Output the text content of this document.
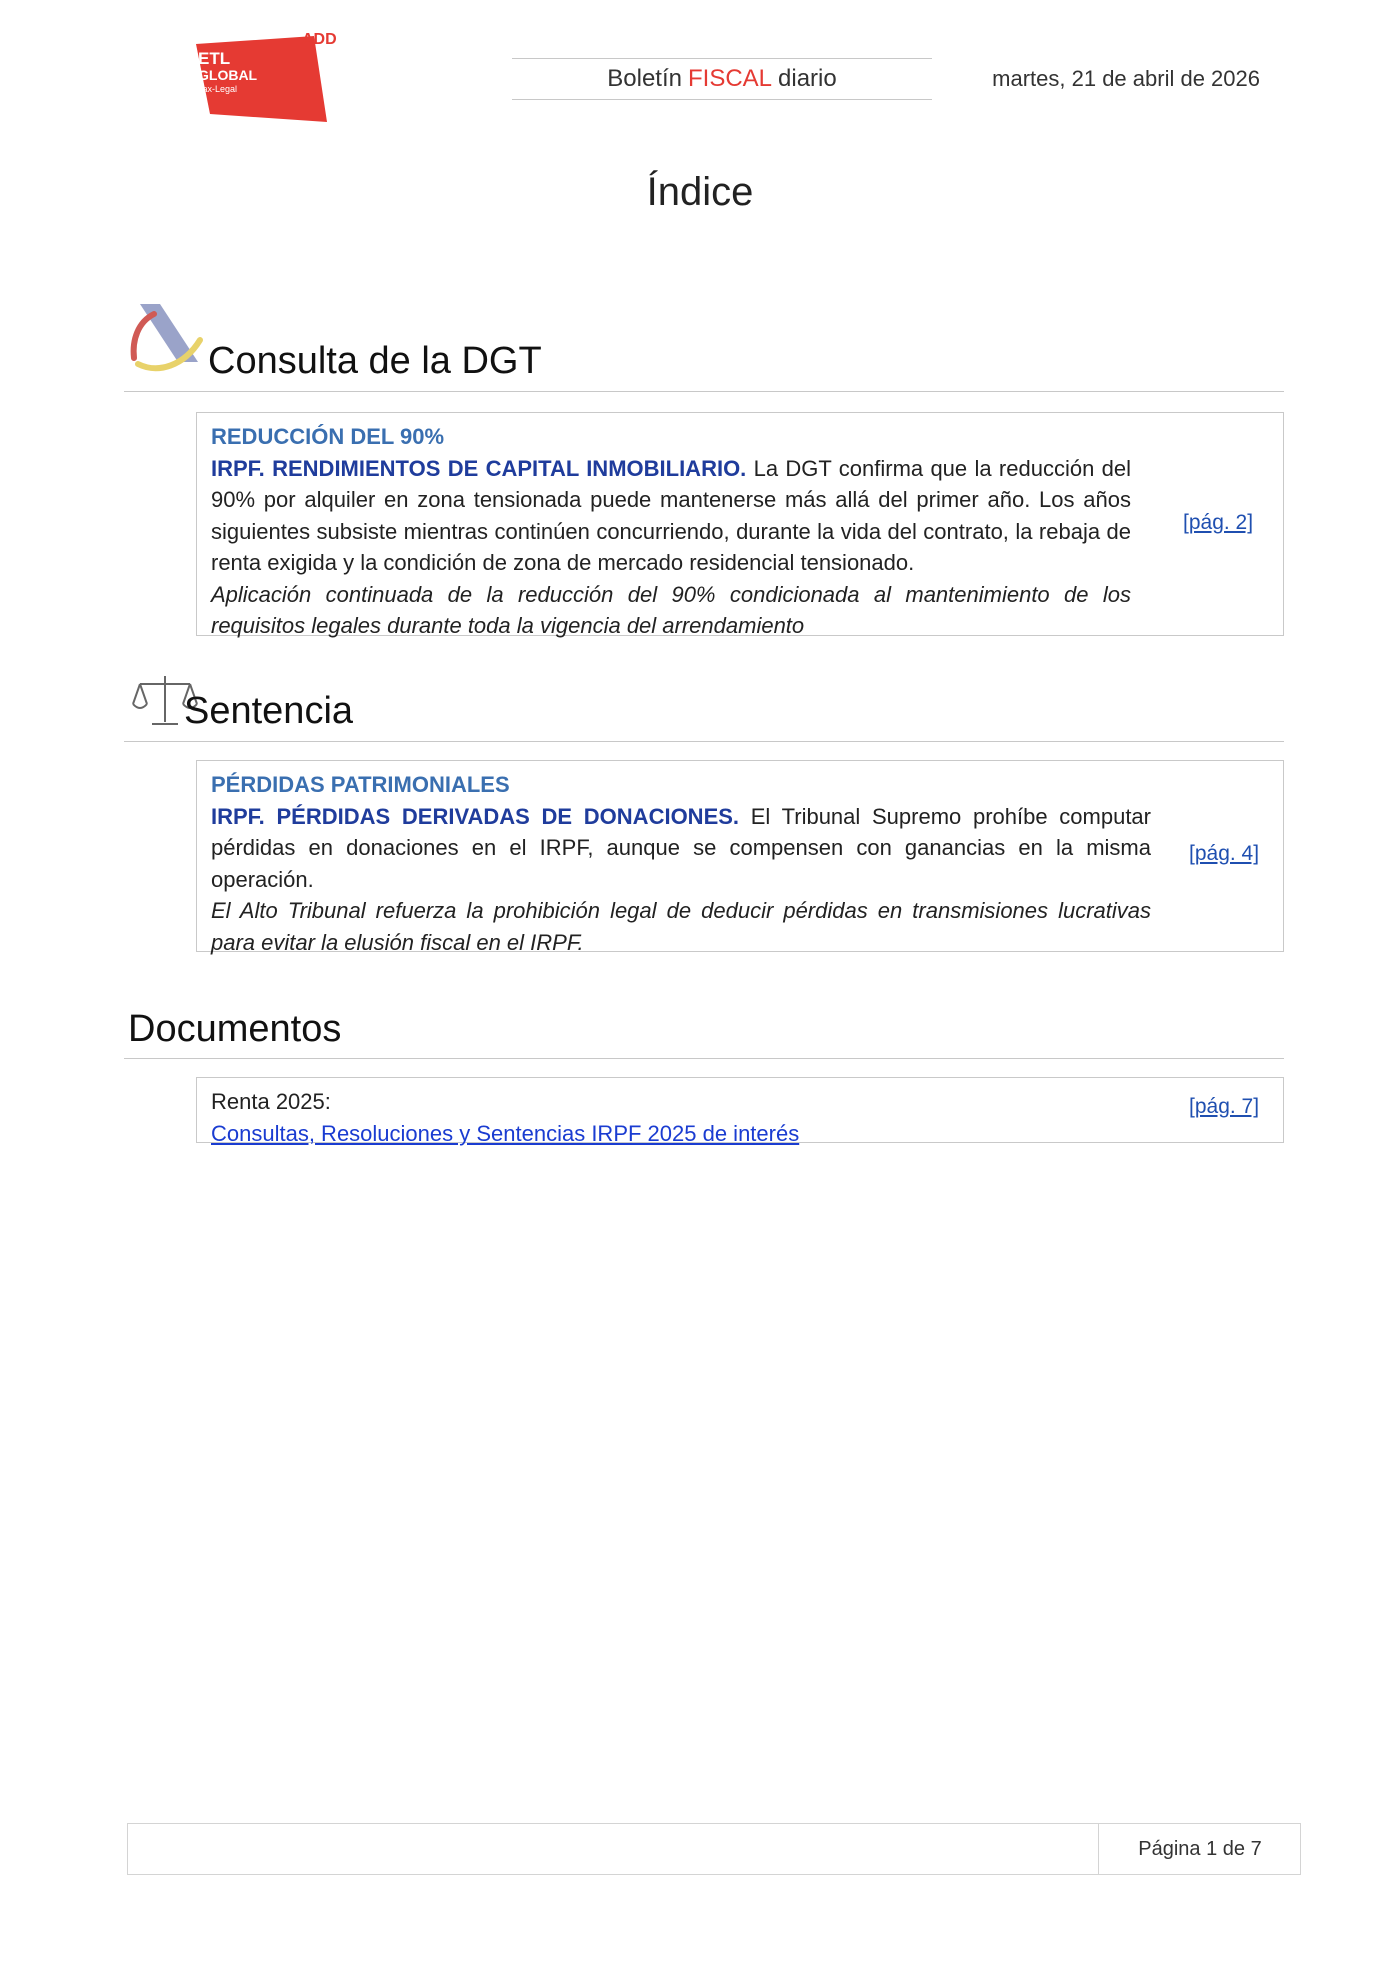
ADD
ETL
GLOBAL
Tax-Legal	Boletín FISCAL diario	martes, 21 de abril de 2026
Índice
Consulta de la DGT
REDUCCIÓN DEL 90%
IRPF. RENDIMIENTOS DE CAPITAL INMOBILIARIO. La DGT confirma que la reducción del 90% por alquiler en zona tensionada puede mantenerse más allá del primer año. Los años siguientes subsiste mientras continúen concurriendo, durante la vida del contrato, la rebaja de renta exigida y la condición de zona de mercado residencial tensionado.
Aplicación continuada de la reducción del 90% condicionada al mantenimiento de los requisitos legales durante toda la vigencia del arrendamiento
[pág. 2]
Sentencia
PÉRDIDAS PATRIMONIALES
IRPF. PÉRDIDAS DERIVADAS DE DONACIONES. El Tribunal Supremo prohíbe computar pérdidas en donaciones en el IRPF, aunque se compensen con ganancias en la misma operación.
El Alto Tribunal refuerza la prohibición legal de deducir pérdidas en transmisiones lucrativas para evitar la elusión fiscal en el IRPF.
[pág. 4]
Documentos
Renta 2025:
Consultas, Resoluciones y Sentencias IRPF 2025 de interés
[pág. 7]
Página 1 de 7
